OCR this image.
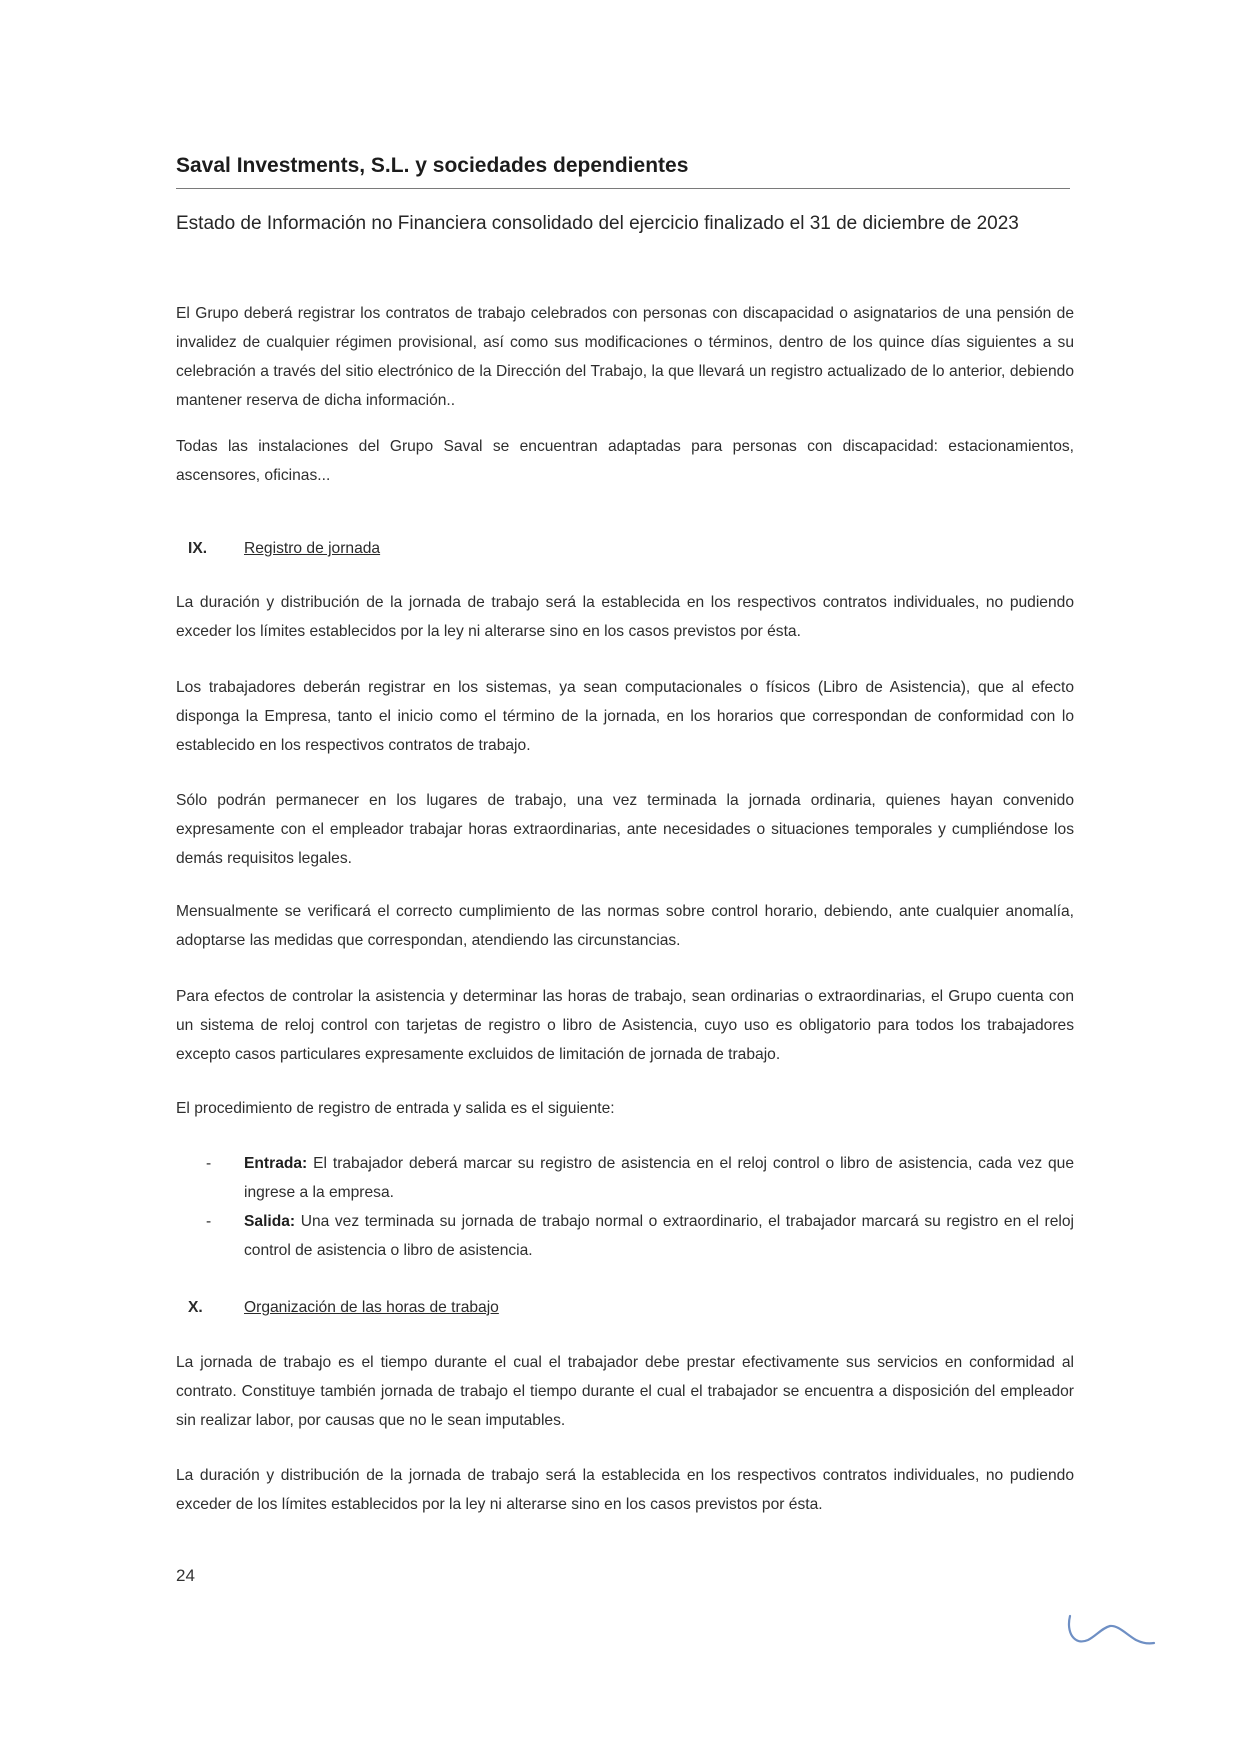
Saval Investments, S.L. y sociedades dependientes
Estado de Información no Financiera consolidado del ejercicio finalizado el 31 de diciembre de 2023

El Grupo deberá registrar los contratos de trabajo celebrados con personas con discapacidad o asignatarios de una pensión de invalidez de cualquier régimen provisional, así como sus modificaciones o términos, dentro de los quince días siguientes a su celebración a través del sitio electrónico de la Dirección del Trabajo, la que llevará un registro actualizado de lo anterior, debiendo mantener reserva de dicha información..

Todas las instalaciones del Grupo Saval se encuentran adaptadas para personas con discapacidad: estacionamientos, ascensores, oficinas...

IX. Registro de jornada

La duración y distribución de la jornada de trabajo será la establecida en los respectivos contratos individuales, no pudiendo exceder los límites establecidos por la ley ni alterarse sino en los casos previstos por ésta.

Los trabajadores deberán registrar en los sistemas, ya sean computacionales o físicos (Libro de Asistencia), que al efecto disponga la Empresa, tanto el inicio como el término de la jornada, en los horarios que correspondan de conformidad con lo establecido en los respectivos contratos de trabajo.

Sólo podrán permanecer en los lugares de trabajo, una vez terminada la jornada ordinaria, quienes hayan convenido expresamente con el empleador trabajar horas extraordinarias, ante necesidades o situaciones temporales y cumpliéndose los demás requisitos legales.

Mensualmente se verificará el correcto cumplimiento de las normas sobre control horario, debiendo, ante cualquier anomalía, adoptarse las medidas que correspondan, atendiendo las circunstancias.

Para efectos de controlar la asistencia y determinar las horas de trabajo, sean ordinarias o extraordinarias, el Grupo cuenta con un sistema de reloj control con tarjetas de registro o libro de Asistencia, cuyo uso es obligatorio para todos los trabajadores excepto casos particulares expresamente excluidos de limitación de jornada de trabajo.

El procedimiento de registro de entrada y salida es el siguiente:

-	Entrada: El trabajador deberá marcar su registro de asistencia en el reloj control o libro de asistencia, cada vez que ingrese a la empresa.
-	Salida: Una vez terminada su jornada de trabajo normal o extraordinario, el trabajador marcará su registro en el reloj control de asistencia o libro de asistencia.
X.	Organización de las horas de trabajo

La jornada de trabajo es el tiempo durante el cual el trabajador debe prestar efectivamente sus servicios en conformidad al contrato. Constituye también jornada de trabajo el tiempo durante el cual el trabajador se encuentra a disposición del empleador sin realizar labor, por causas que no le sean imputables.

La duración y distribución de la jornada de trabajo será la establecida en los respectivos contratos individuales, no pudiendo exceder de los límites establecidos por la ley ni alterarse sino en los casos previstos por ésta.

24
